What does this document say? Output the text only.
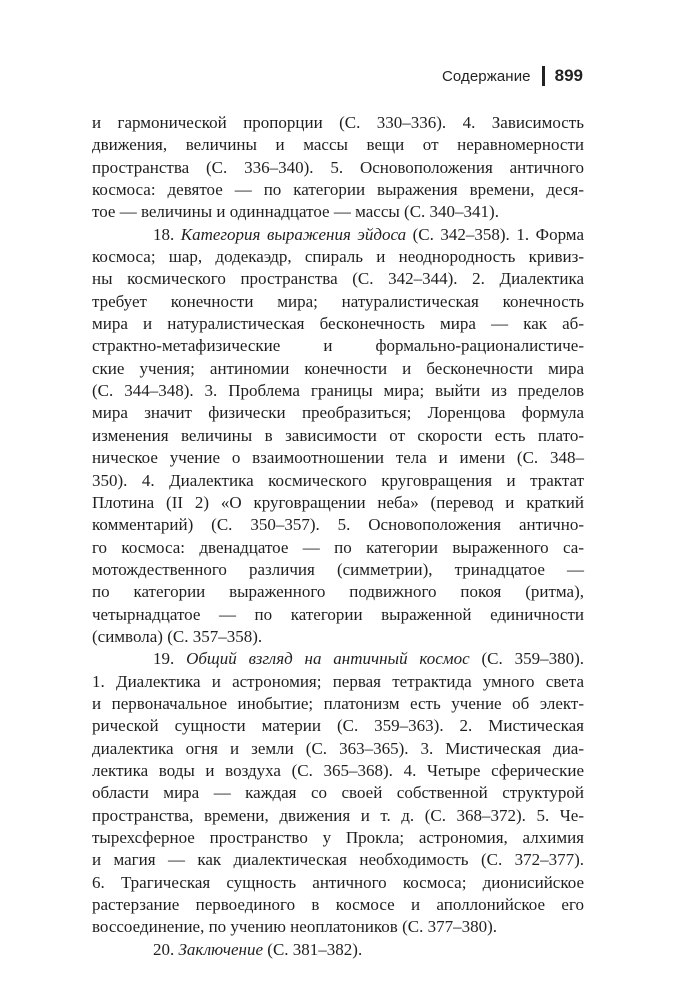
Содержание 899
и гармонической пропорции (С. 330–336). 4. Зависимость
движения, величины и массы вещи от неравномерности
пространства (С. 336–340). 5. Основоположения античного
космоса: девятое — по категории выражения времени, деся-
тое — величины и одиннадцатое — массы (С. 340–341).
18. Категория выражения эйдоса (С. 342–358). 1. Форма
космоса; шар, додекаэдр, спираль и неоднородность кривиз-
ны космического пространства (С. 342–344). 2. Диалектика
требует конечности мира; натуралистическая конечность
мира и натуралистическая бесконечность мира — как аб-
страктно-метафизические и формально-рационалистиче-
ские учения; антиномии конечности и бесконечности мира
(С. 344–348). 3. Проблема границы мира; выйти из пределов
мира значит физически преобразиться; Лоренцова формула
изменения величины в зависимости от скорости есть плато-
ническое учение о взаимоотношении тела и имени (С. 348–
350). 4. Диалектика космического круговращения и трактат
Плотина (II 2) «О круговращении неба» (перевод и краткий
комментарий) (С. 350–357). 5. Основоположения антично-
го космоса: двенадцатое — по категории выраженного са-
мотождественного различия (симметрии), тринадцатое —
по категории выраженного подвижного покоя (ритма),
четырнадцатое — по категории выраженной единичности
(символа) (С. 357–358).
19. Общий взгляд на античный космос (С. 359–380).
1. Диалектика и астрономия; первая тетрактида умного света
и первоначальное инобытие; платонизм есть учение об элект-
рической сущности материи (С. 359–363). 2. Мистическая
диалектика огня и земли (С. 363–365). 3. Мистическая диа-
лектика воды и воздуха (С. 365–368). 4. Четыре сферические
области мира — каждая со своей собственной структурой
пространства, времени, движения и т. д. (С. 368–372). 5. Че-
тырехсферное пространство у Прокла; астрономия, алхимия
и магия — как диалектическая необходимость (С. 372–377).
6. Трагическая сущность античного космоса; дионисийское
растерзание первоединого в космосе и аполлонийское его
воссоединение, по учению неоплатоников (С. 377–380).
20. Заключение (С. 381–382).
